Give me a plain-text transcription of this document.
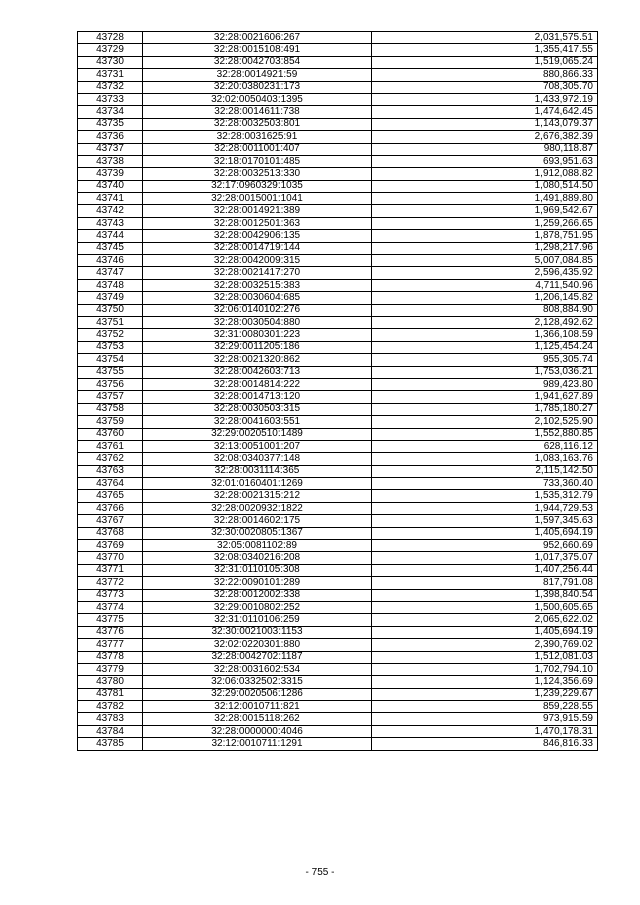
43728	32:28:0021606:267	2,031,575.51
43729	32:28:0015108:491	1,355,417.55
43730	32:28:0042703:854	1,519,065.24
43731	32:28:0014921:59	880,866.33
43732	32:20:0380231:173	708,305.70
43733	32:02:0050403:1395	1,433,972.19
43734	32:28:0014611:738	1,474,642.45
43735	32:28:0032503:801	1,143,079.37
43736	32:28:0031625:91	2,676,382.39
43737	32:28:0011001:407	980,118.87
43738	32:18:0170101:485	693,951.63
43739	32:28:0032513:330	1,912,088.82
43740	32:17:0960329:1035	1,080,514.50
43741	32:28:0015001:1041	1,491,889.80
43742	32:28:0014921:389	1,969,542.67
43743	32:28:0012501:363	1,259,266.65
43744	32:28:0042906:135	1,878,751.95
43745	32:28:0014719:144	1,298,217.96
43746	32:28:0042009:315	5,007,084.85
43747	32:28:0021417:270	2,596,435.92
43748	32:28:0032515:383	4,711,540.96
43749	32:28:0030604:685	1,206,145.82
43750	32:06:0140102:276	808,884.90
43751	32:28:0030504:880	2,128,492.62
43752	32:31:0080301:223	1,366,108.59
43753	32:29:0011205:186	1,125,454.24
43754	32:28:0021320:862	955,305.74
43755	32:28:0042603:713	1,753,036.21
43756	32:28:0014814:222	989,423.80
43757	32:28:0014713:120	1,941,627.89
43758	32:28:0030503:315	1,785,180.27
43759	32:28:0041603:551	2,102,525.90
43760	32:29:0020510:1489	1,552,880.85
43761	32:13:0051001:207	628,116.12
43762	32:08:0340377:148	1,083,163.76
43763	32:28:0031114:365	2,115,142.50
43764	32:01:0160401:1269	733,360.40
43765	32:28:0021315:212	1,535,312.79
43766	32:28:0020932:1822	1,944,729.53
43767	32:28:0014602:175	1,597,345.63
43768	32:30:0020805:1367	1,405,694.19
43769	32:05:0081102:89	952,660.69
43770	32:08:0340216:208	1,017,375.07
43771	32:31:0110105:308	1,407,256.44
43772	32:22:0090101:289	817,791.08
43773	32:28:0012002:338	1,398,840.54
43774	32:29:0010802:252	1,500,605.65
43775	32:31:0110106:259	2,065,622.02
43776	32:30:0021003:1153	1,405,694.19
43777	32:02:0220301:880	2,390,769.02
43778	32:28:0042702:1187	1,512,081.03
43779	32:28:0031602:534	1,702,794.10
43780	32:06:0332502:3315	1,124,356.69
43781	32:29:0020506:1286	1,239,229.67
43782	32:12:0010711:821	859,228.55
43783	32:28:0015118:262	973,915.59
43784	32:28:0000000:4046	1,470,178.31
43785	32:12:0010711:1291	846,816.33
- 755 -
